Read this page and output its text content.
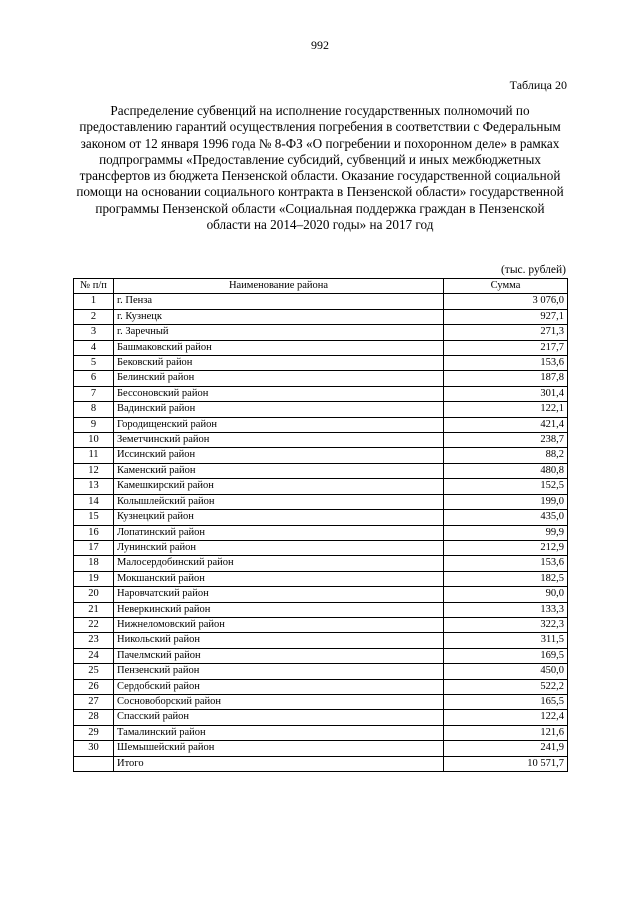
992
Таблица 20
Распределение субвенций на исполнение государственных полномочий по предоставлению гарантий осуществления погребения в соответствии с Федеральным законом от 12 января 1996 года № 8-ФЗ «О погребении и похоронном деле» в рамках подпрограммы «Предоставление субсидий, субвенций и иных межбюджетных трансфертов из бюджета Пензенской области. Оказание государственной социальной помощи на основании социального контракта в Пензенской области» государственной программы Пензенской области «Социальная поддержка граждан в Пензенской области на 2014–2020 годы» на 2017 год
(тыс. рублей)
№ п/п	Наименование района	Сумма
1	г. Пенза	3 076,0
2	г. Кузнецк	927,1
3	г. Заречный	271,3
4	Башмаковский район	217,7
5	Бековский район	153,6
6	Белинский район	187,8
7	Бессоновский район	301,4
8	Вадинский район	122,1
9	Городищенский район	421,4
10	Земетчинский район	238,7
11	Иссинский район	88,2
12	Каменский район	480,8
13	Камешкирский район	152,5
14	Колышлейский район	199,0
15	Кузнецкий район	435,0
16	Лопатинский район	99,9
17	Лунинский район	212,9
18	Малосердобинский район	153,6
19	Мокшанский район	182,5
20	Наровчатский район	90,0
21	Неверкинский район	133,3
22	Нижнеломовский район	322,3
23	Никольский район	311,5
24	Пачелмский район	169,5
25	Пензенский район	450,0
26	Сердобский район	522,2
27	Сосновоборский район	165,5
28	Спасский район	122,4
29	Тамалинский район	121,6
30	Шемышейский район	241,9
	Итого	10 571,7
